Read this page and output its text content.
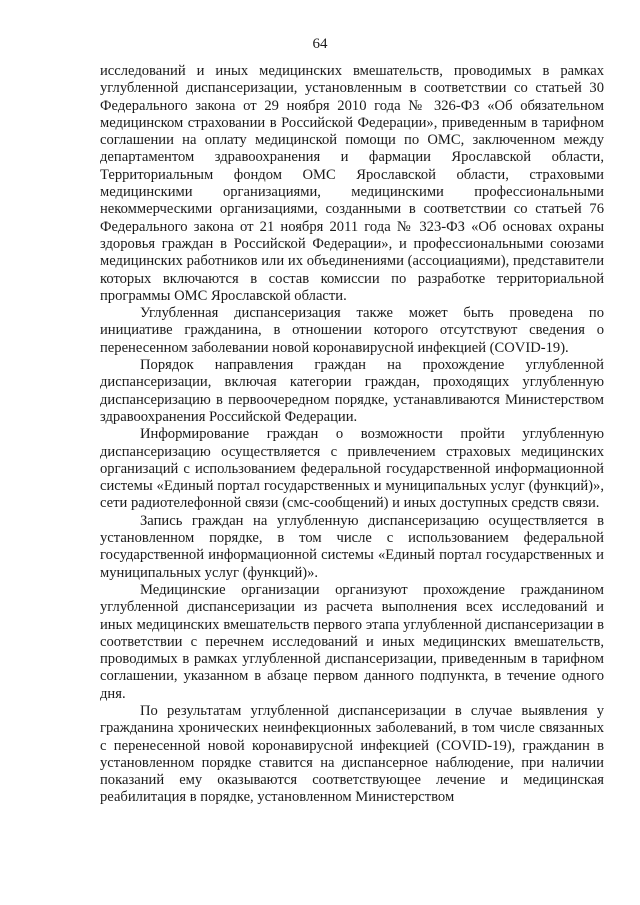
64

исследований и иных медицинских вмешательств, проводимых в рамках углубленной диспансеризации, установленным в соответствии со статьей 30 Федерального закона от 29 ноября 2010 года № 326-ФЗ «Об обязательном медицинском страховании в Российской Федерации», приведенным в тарифном соглашении на оплату медицинской помощи по ОМС, заключенном между департаментом здравоохранения и фармации Ярославской области, Территориальным фондом ОМС Ярославской области, страховыми медицинскими организациями, медицинскими профессиональными некоммерческими организациями, созданными в соответствии со статьей 76 Федерального закона от 21 ноября 2011 года № 323-ФЗ «Об основах охраны здоровья граждан в Российской Федерации», и профессиональными союзами медицинских работников или их объединениями (ассоциациями), представители которых включаются в состав комиссии по разработке территориальной программы ОМС Ярославской области.

Углубленная диспансеризация также может быть проведена по инициативе гражданина, в отношении которого отсутствуют сведения о перенесенном заболевании новой коронавирусной инфекцией (COVID-19).

Порядок направления граждан на прохождение углубленной диспансеризации, включая категории граждан, проходящих углубленную диспансеризацию в первоочередном порядке, устанавливаются Министерством здравоохранения Российской Федерации.

Информирование граждан о возможности пройти углубленную диспансеризацию осуществляется с привлечением страховых медицинских организаций с использованием федеральной государственной информационной системы «Единый портал государственных и муниципальных услуг (функций)», сети радиотелефонной связи (смс-сообщений) и иных доступных средств связи.

Запись граждан на углубленную диспансеризацию осуществляется в установленном порядке, в том числе с использованием федеральной государственной информационной системы «Единый портал государственных и муниципальных услуг (функций)».

Медицинские организации организуют прохождение гражданином углубленной диспансеризации из расчета выполнения всех исследований и иных медицинских вмешательств первого этапа углубленной диспансеризации в соответствии с перечнем исследований и иных медицинских вмешательств, проводимых в рамках углубленной диспансеризации, приведенным в тарифном соглашении, указанном в абзаце первом данного подпункта, в течение одного дня.

По результатам углубленной диспансеризации в случае выявления у гражданина хронических неинфекционных заболеваний, в том числе связанных с перенесенной новой коронавирусной инфекцией (COVID-19), гражданин в установленном порядке ставится на диспансерное наблюдение, при наличии показаний ему оказываются соответствующее лечение и медицинская реабилитация в порядке, установленном Министерством
